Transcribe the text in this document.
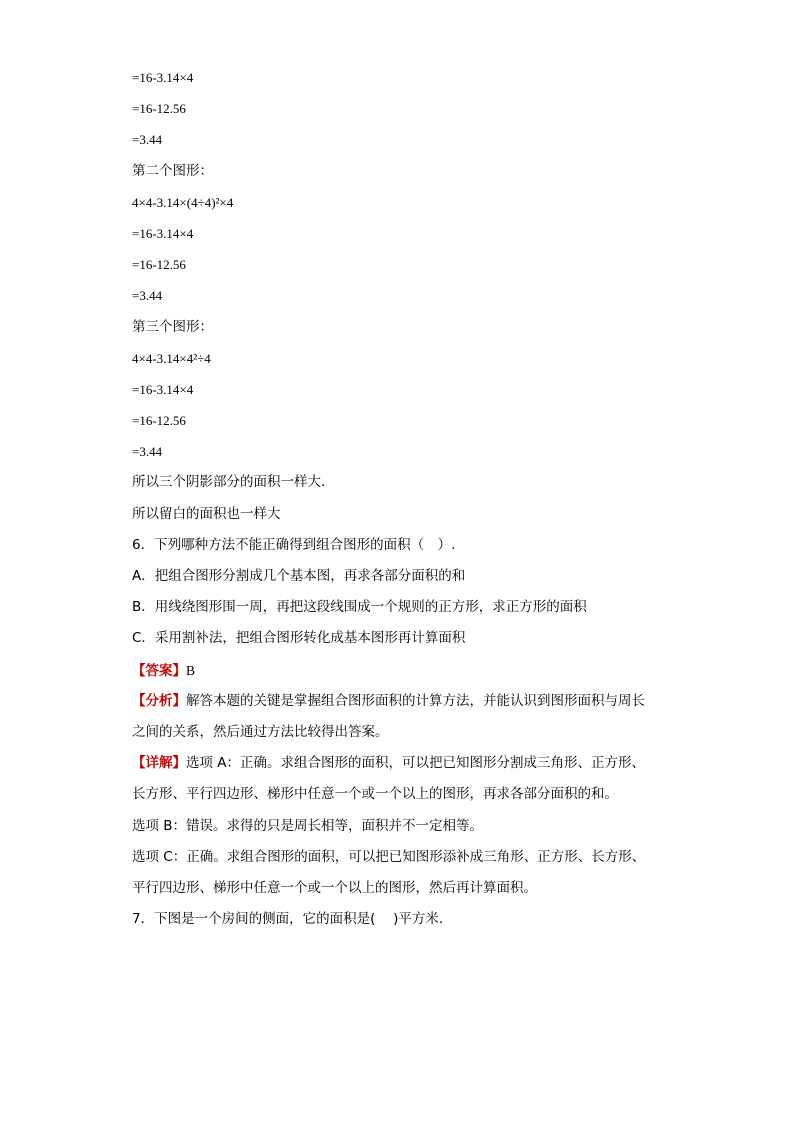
=16-3.14×4
=16-12.56
=3.44
第二个图形：
4×4-3.14×(4÷4)²×4
=16-3.14×4
=16-12.56
=3.44
第三个图形：
4×4-3.14×4²÷4
=16-3.14×4
=16-12.56
=3.44
所以三个阴影部分的面积一样大.
所以留白的面积也一样大
6．下列哪种方法不能正确得到组合图形的面积（　）.
A．把组合图形分割成几个基本图，再求各部分面积的和
B．用线绕图形围一周，再把这段线围成一个规则的正方形，求正方形的面积
C．采用割补法，把组合图形转化成基本图形再计算面积
【答案】B
【分析】解答本题的关键是掌握组合图形面积的计算方法，并能认识到图形面积与周长
之间的关系，然后通过方法比较得出答案。
【详解】选项 A：正确。求组合图形的面积，可以把已知图形分割成三角形、正方形、
长方形、平行四边形、梯形中任意一个或一个以上的图形，再求各部分面积的和。
选项 B：错误。求得的只是周长相等，面积并不一定相等。
选项 C：正确。求组合图形的面积，可以把已知图形添补成三角形、正方形、长方形、
平行四边形、梯形中任意一个或一个以上的图形，然后再计算面积。
7．下图是一个房间的侧面，它的面积是(　 )平方米.
